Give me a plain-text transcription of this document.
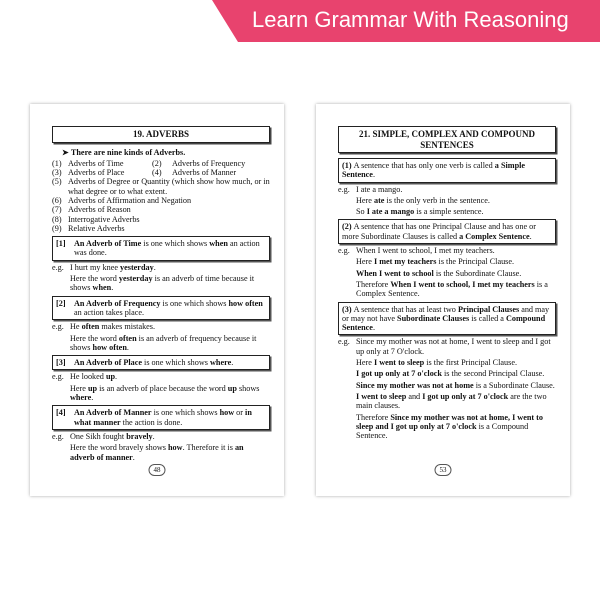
Learn Grammar With Reasoning
19. ADVERBS
➤ There are nine kinds of Adverbs.
(1) Adverbs of Time	(2)	Adverbs of Frequency
(3) Adverbs of Place	(4)	Adverbs of Manner
(5) Adverbs of Degree or Quantity (which show how much, or in what degree or to what extent.
(6) Adverbs of Affirmation and Negation
(7) Adverbs of Reason
(8) Interrogative Adverbs
(9) Relative Adverbs
[1]	An Adverb of Time is one which shows when an action was done.
e.g. I hurt my knee yesterday.
Here the word yesterday is an adverb of time because it shows when.
[2]	An Adverb of Frequency is one which shows how often an action takes place.
e.g. He often makes mistakes.
Here the word often is an adverb of frequency because it shows how often.
[3]	An Adverb of Place is one which shows where.
e.g. He looked up.
Here up is an adverb of place because the word up shows where.
[4]	An Adverb of Manner is one which shows how or in what manner the action is done.
e.g. One Sikh fought bravely.
Here the word bravely shows how. Therefore it is an adverb of manner.
48
21. SIMPLE, COMPLEX AND COMPOUND SENTENCES
(1) A sentence that has only one verb is called a Simple Sentence.
e.g. I ate a mango.
Here ate is the only verb in the sentence.
So I ate a mango is a simple sentence.
(2) A sentence that has one Principal Clause and has one or more Subordinate Clauses is called a Complex Sentence.
e.g. When I went to school, I met my teachers.
Here I met my teachers is the Principal Clause.
When I went to school is the Subordinate Clause.
Therefore When I went to school, I met my teachers is a Complex Sentence.
(3) A sentence that has at least two Principal Clauses and may or may not have Subordinate Clauses is called a Compound Sentence.
e.g. Since my mother was not at home, I went to sleep and I got up only at 7 O'clock.
Here I went to sleep is the first Principal Clause.
I got up only at 7 o'clock is the second Principal Clause.
Since my mother was not at home is a Subordinate Clause.
I went to sleep and I got up only at 7 o'clock are the two main clauses.
Therefore Since my mother was not at home, I went to sleep and I got up only at 7 o'clock is a Compound Sentence.
53
